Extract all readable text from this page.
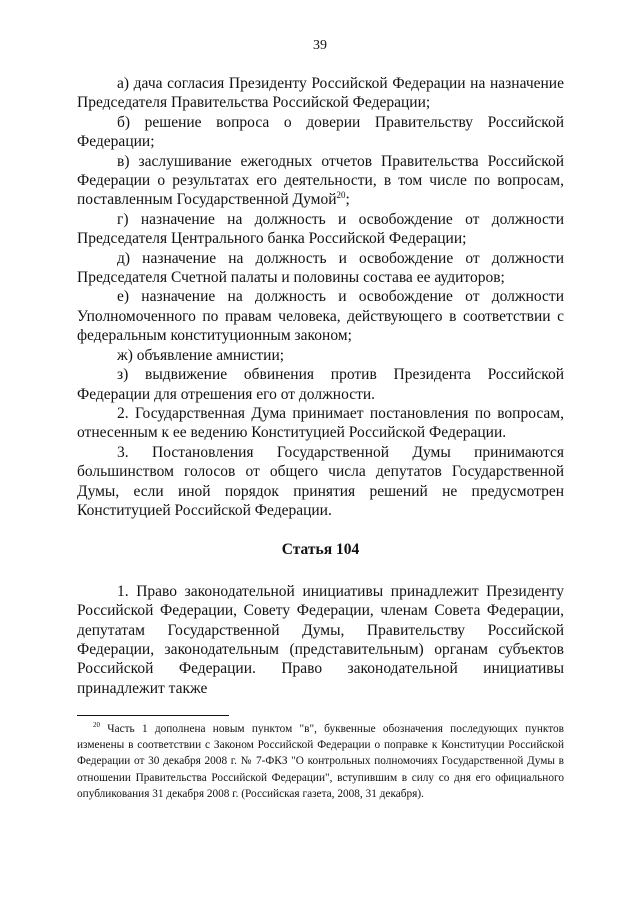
39

а) дача согласия Президенту Российской Федерации на назначение Председателя Правительства Российской Федерации;

б) решение вопроса о доверии Правительству Российской Федерации;

в) заслушивание ежегодных отчетов Правительства Российской Федерации о результатах его деятельности, в том числе по вопросам, поставленным Государственной Думой$^{20}$;

г) назначение на должность и освобождение от должности Председателя Центрального банка Российской Федерации;

д) назначение на должность и освобождение от должности Председателя Счетной палаты и половины состава ее аудиторов;

е) назначение на должность и освобождение от должности Уполномоченного по правам человека, действующего в соответствии с федеральным конституционным законом;

ж) объявление амнистии;

з) выдвижение обвинения против Президента Российской Федерации для отрешения его от должности.

2. Государственная Дума принимает постановления по вопросам, отнесенным к ее ведению Конституцией Российской Федерации.

3. Постановления Государственной Думы принимаются большинством голосов от общего числа депутатов Государственной Думы, если иной порядок принятия решений не предусмотрен Конституцией Российской Федерации.

Статья 104

1. Право законодательной инициативы принадлежит Президенту Российской Федерации, Совету Федерации, членам Совета Федерации, депутатам Государственной Думы, Правительству Российской Федерации, законодательным (представительным) органам субъектов Российской Федерации. Право законодательной инициативы принадлежит также

$^{20}$ Часть 1 дополнена новым пунктом "в", буквенные обозначения последующих пунктов изменены в соответствии с Законом Российской Федерации о поправке к Конституции Российской Федерации от 30 декабря 2008 г. № 7-ФКЗ "О контрольных полномочиях Государственной Думы в отношении Правительства Российской Федерации", вступившим в силу со дня его официального опубликования 31 декабря 2008 г. (Российская газета, 2008, 31 декабря).
